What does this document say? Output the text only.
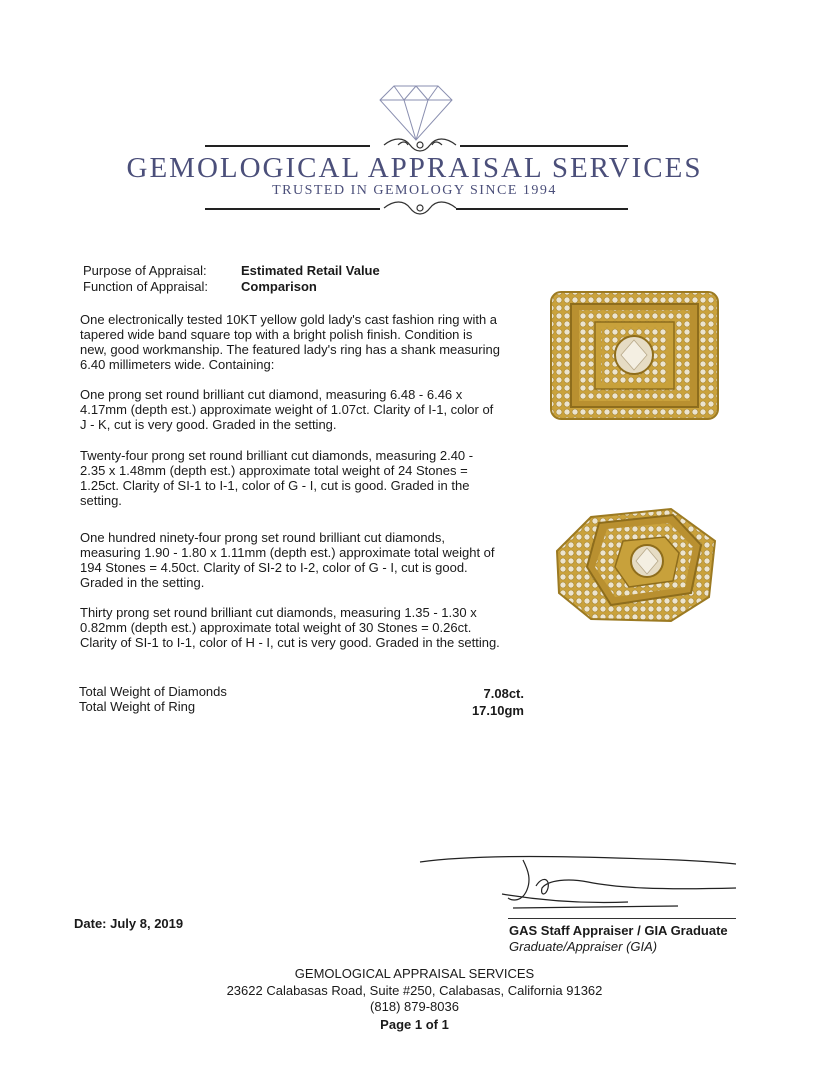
GEMOLOGICAL APPRAISAL SERVICES
TRUSTED IN GEMOLOGY SINCE 1994
Purpose of Appraisal:	Estimated Retail Value
Function of Appraisal:	Comparison

One electronically tested 10KT yellow gold lady's cast fashion ring with a tapered wide band square top with a bright polish finish. Condition is new, good workmanship. The featured lady's ring has a shank measuring 6.40 millimeters wide. Containing:

One prong set round brilliant cut diamond, measuring 6.48 - 6.46 x 4.17mm (depth est.) approximate weight of 1.07ct. Clarity of I-1, color of J - K, cut is very good. Graded in the setting.

Twenty-four prong set round brilliant cut diamonds, measuring 2.40 - 2.35 x 1.48mm (depth est.) approximate total weight of 24 Stones = 1.25ct. Clarity of SI-1 to I-1, color of G - I, cut is good. Graded in the setting.

One hundred ninety-four prong set round brilliant cut diamonds, measuring 1.90 - 1.80 x 1.11mm (depth est.) approximate total weight of 194 Stones = 4.50ct. Clarity of SI-2 to I-2, color of G - I, cut is good. Graded in the setting.

Thirty prong set round brilliant cut diamonds, measuring 1.35 - 1.30 x 0.82mm (depth est.) approximate total weight of 30 Stones = 0.26ct. Clarity of SI-1 to I-1, color of H - I, cut is very good. Graded in the setting.

Total Weight of Diamonds	7.08ct.
Total Weight of Ring	17.10gm
Date: July 8, 2019	GAS Staff Appraiser / GIA Graduate
Graduate/Appraiser (GIA)
GEMOLOGICAL APPRAISAL SERVICES
23622 Calabasas Road, Suite #250, Calabasas, California 91362
(818) 879-8036
Page 1 of 1
